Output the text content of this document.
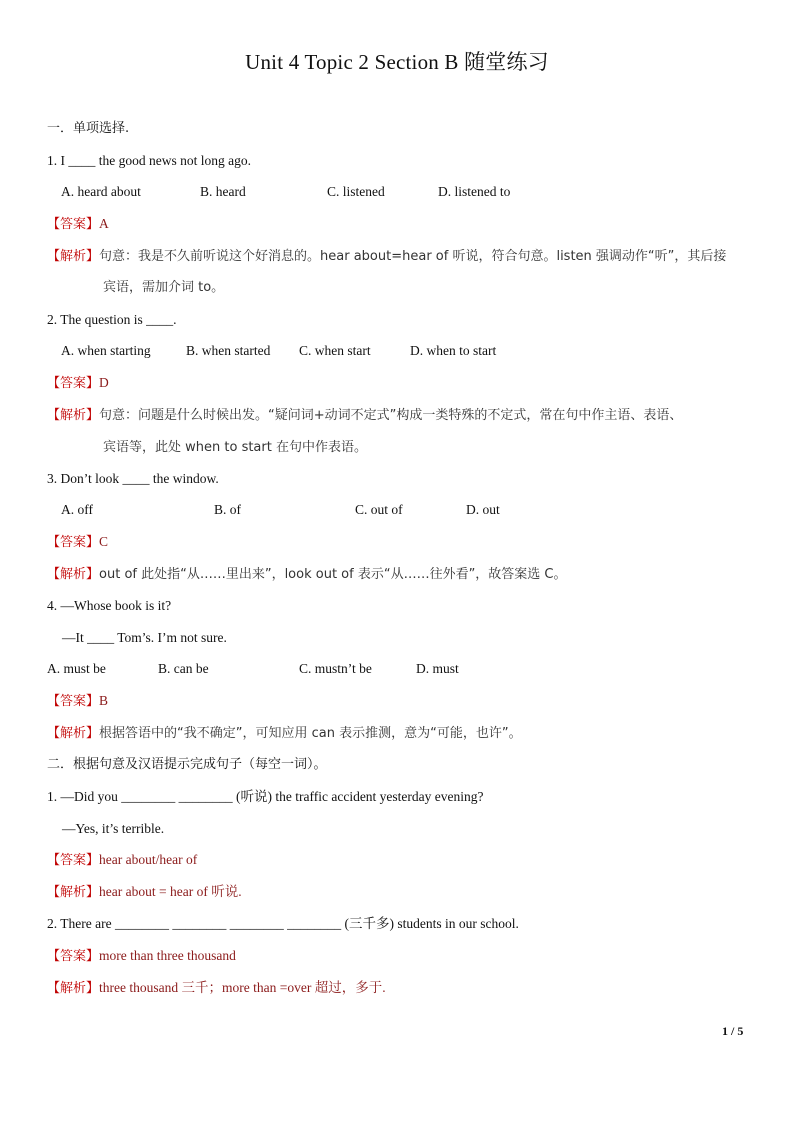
Unit 4 Topic 2 Section B 随堂练习
一．单项选择.
1. I ____ the good news not long ago.
A. heard about	B. heard	C. listened	D. listened to
【答案】A
【解析】句意：我是不久前听说这个好消息的。hear about=hear of 听说，符合句意。listen 强调动作“听”，其后接
宾语，需加介词 to。
2. The question is ____.
A. when starting	B. when started C. when start	D. when to start
【答案】D
【解析】句意：问题是什么时候出发。“疑问词+动词不定式”构成一类特殊的不定式，常在句中作主语、表语、
宾语等，此处 when to start 在句中作表语。
3. Don’t look ____ the window.
A. off	B. of	C. out of	D. out
【答案】C
【解析】out of 此处指“从……里出来”，look out of 表示“从……往外看”，故答案选 C。
4. —Whose book is it?
—It ____ Tom’s. I’m not sure.
A. must be	B. can be	C. mustn’t be	D. must
【答案】B
【解析】根据答语中的“我不确定”，可知应用 can 表示推测，意为“可能，也许”。
二．根据句意及汉语提示完成句子（每空一词）。
1. —Did you ________ ________ (听说) the traffic accident yesterday evening?
—Yes, it’s terrible.
【答案】hear about/hear of
【解析】hear about = hear of 听说.
2. There are ________ ________ ________ ________ (三千多) students in our school.
【答案】more than three thousand
【解析】three thousand 三千；more than =over 超过，多于.
1 / 5
